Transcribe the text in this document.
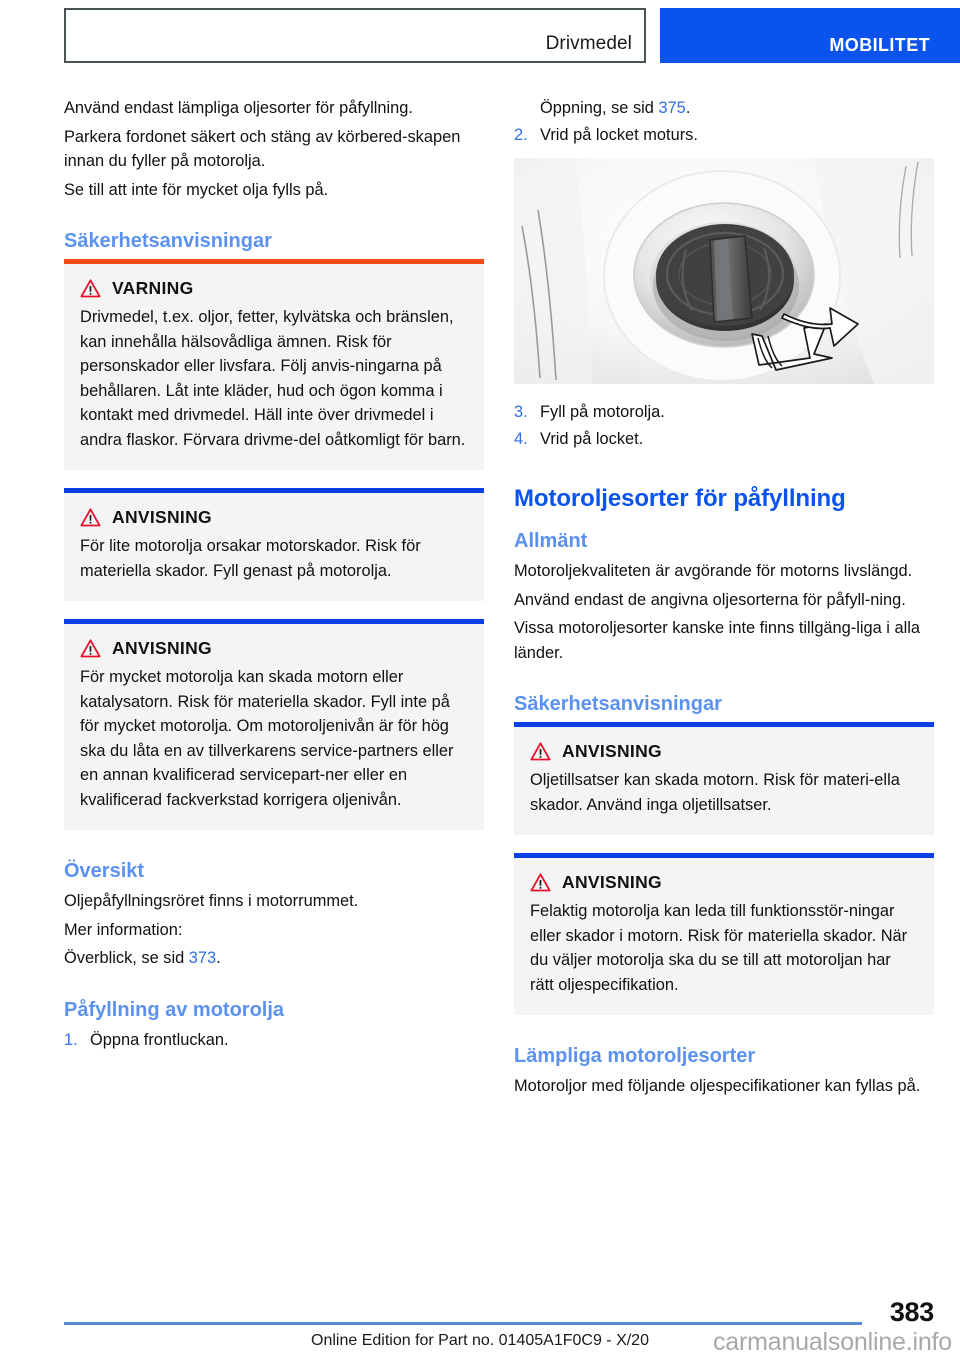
Drivmedel	MOBILITET

Använd endast lämpliga oljesorter för påfyllning.

Parkera fordonet säkert och stäng av körbered-skapen innan du fyller på motorolja.

Se till att inte för mycket olja fylls på.

Säkerhetsanvisningar
VARNING
Drivmedel, t.ex. oljor, fetter, kylvätska och bränslen, kan innehålla hälsovådliga ämnen. Risk för personskador eller livsfara. Följ anvis-ningarna på behållaren. Låt inte kläder, hud och ögon komma i kontakt med drivmedel. Häll inte över drivmedel i andra flaskor. Förvara drivme-del oåtkomligt för barn.
ANVISNING
För lite motorolja orsakar motorskador. Risk för materiella skador. Fyll genast på motorolja.
ANVISNING
För mycket motorolja kan skada motorn eller katalysatorn. Risk för materiella skador. Fyll inte på för mycket motorolja. Om motoroljenivån är för hög ska du låta en av tillverkarens service-partners eller en annan kvalificerad servicepart-ner eller en kvalificerad fackverkstad korrigera oljenivån.
Översikt

Oljepåfyllningsröret finns i motorrummet.

Mer information:

Överblick, se sid 373.

Påfyllning av motorolja
1. Öppna frontluckan.
Öppning, se sid 375.
2. Vrid på locket moturs.
3. Fyll på motorolja.
4. Vrid på locket.
Motoroljesorter för påfyllning
Allmänt

Motoroljekvaliteten är avgörande för motorns livslängd.

Använd endast de angivna oljesorterna för påfyll-ning.

Vissa motoroljesorter kanske inte finns tillgäng-liga i alla länder.

Säkerhetsanvisningar
ANVISNING
Oljetillsatser kan skada motorn. Risk för materi-ella skador. Använd inga oljetillsatser.
ANVISNING
Felaktig motorolja kan leda till funktionsstör-ningar eller skador i motorn. Risk för materiella skador. När du väljer motorolja ska du se till att motoroljan har rätt oljespecifikation.
Lämpliga motoroljesorter

Motoroljor med följande oljespecifikationer kan fyllas på.

383
Online Edition for Part no. 01405A1F0C9 - X/20	carmanualsonline.info
